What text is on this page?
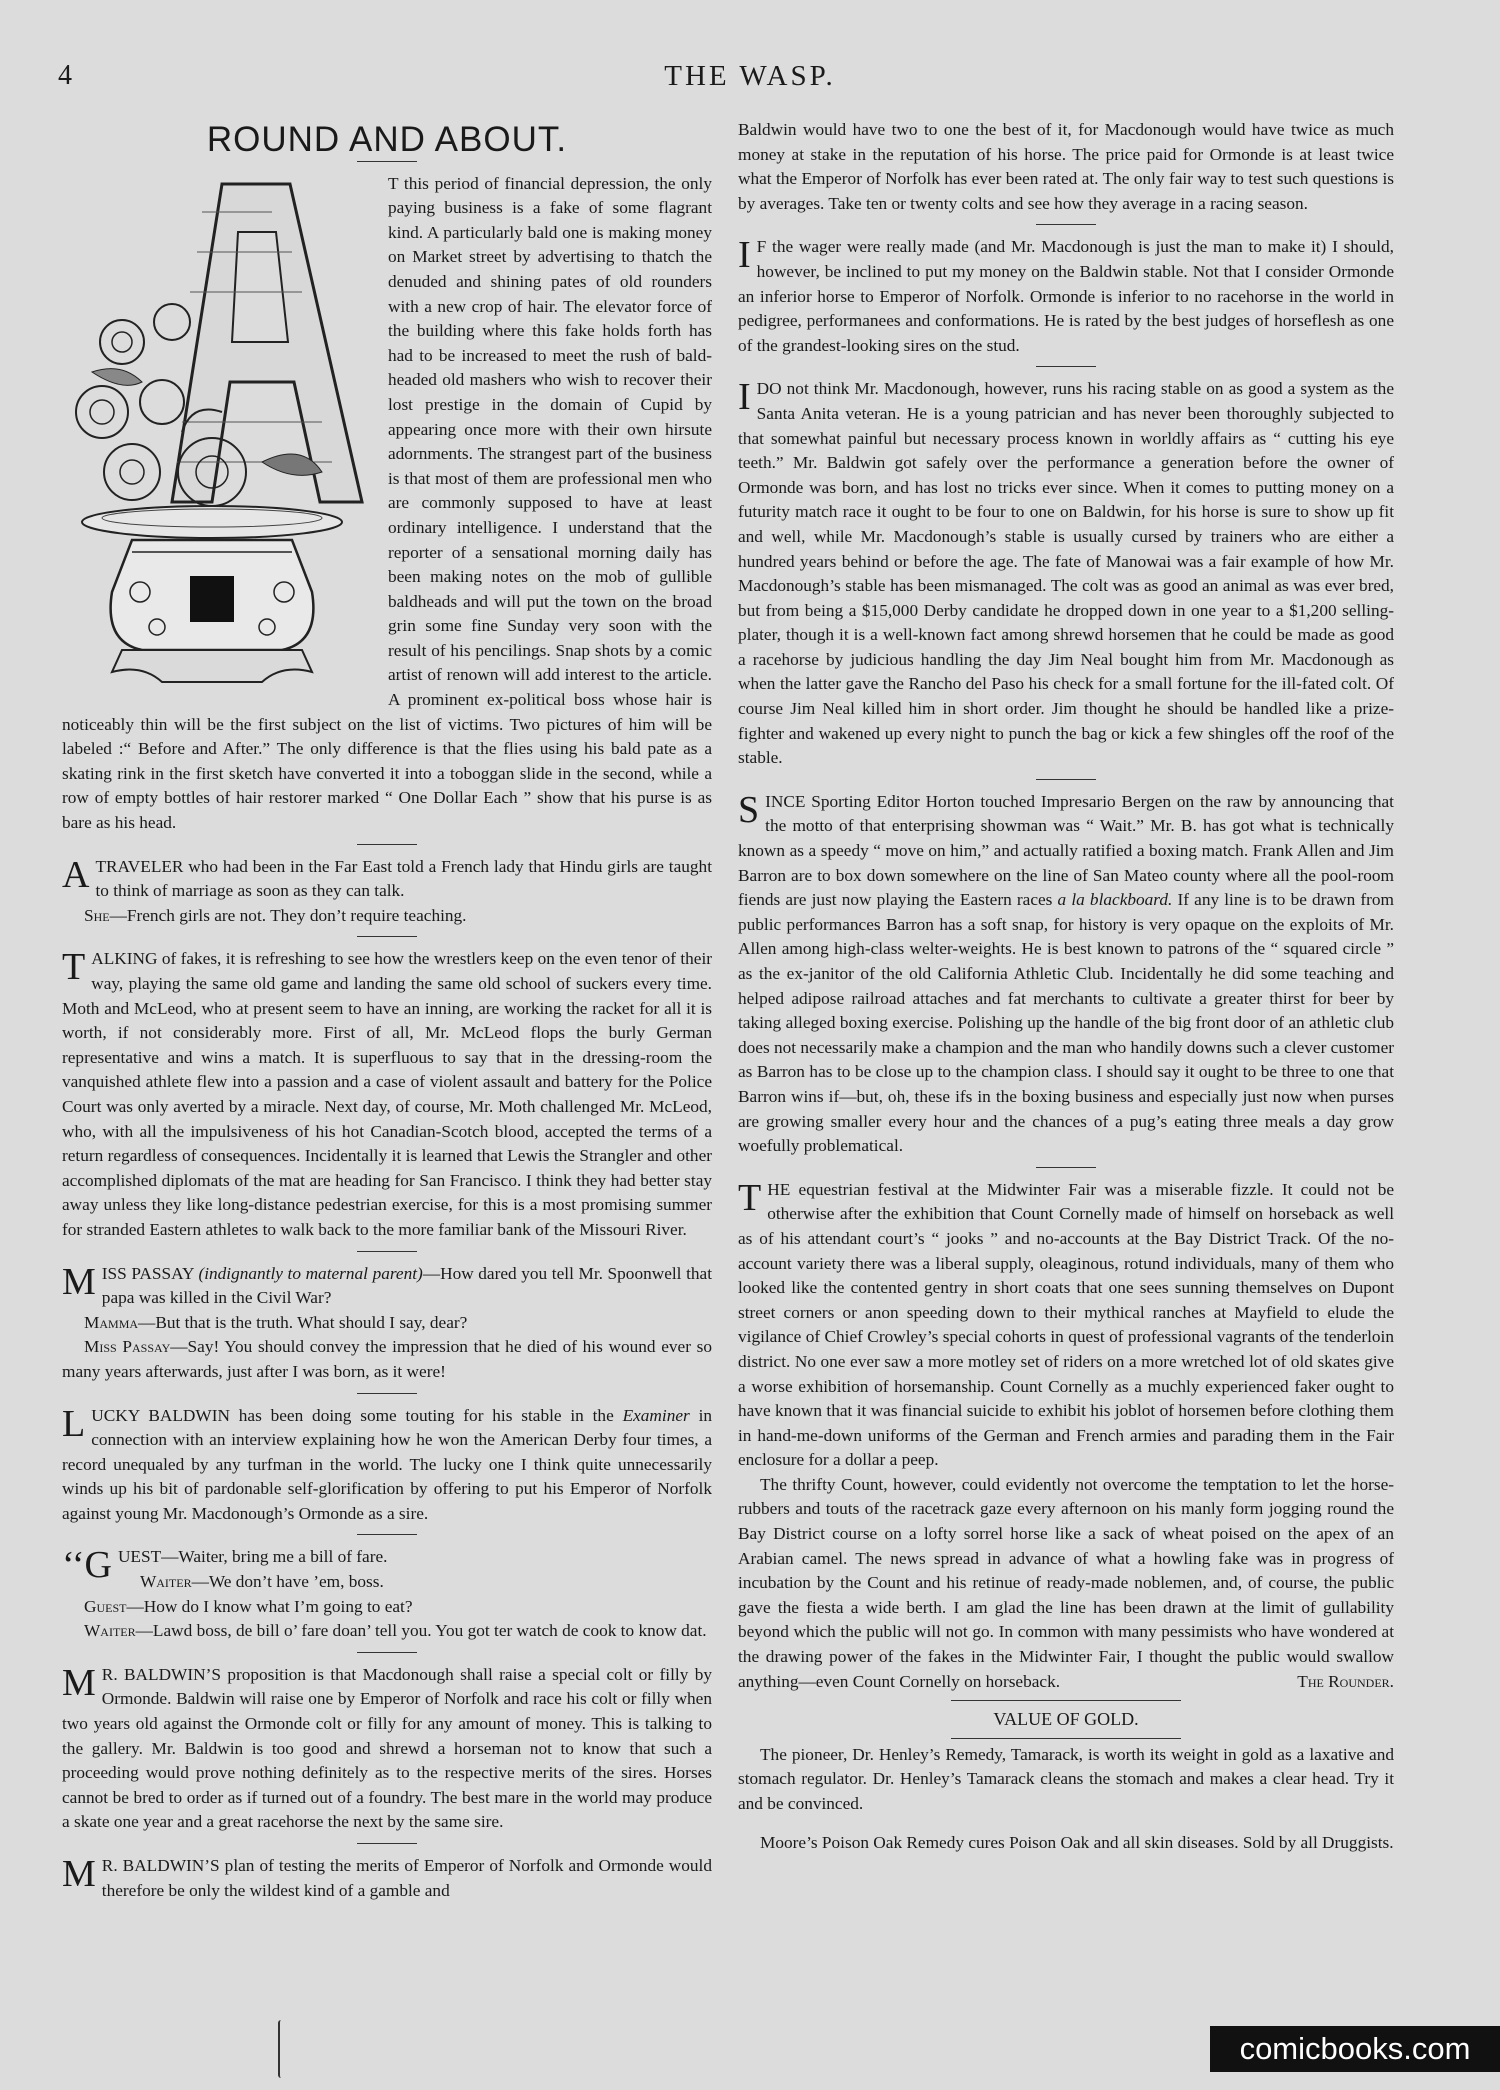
4	THE WASP.
ROUND AND ABOUT.

T this period of financial depression, the only paying business is a fake of some flagrant kind. A particularly bald one is making money on Market street by advertising to thatch the denuded and shining pates of old rounders with a new crop of hair. The elevator force of the building where this fake holds forth has had to be increased to meet the rush of bald-headed old mashers who wish to recover their lost prestige in the domain of Cupid by appearing once more with their own hirsute adornments. The strangest part of the business is that most of them are professional men who are commonly supposed to have at least ordinary intelligence. I understand that the reporter of a sensational morning daily has been making notes on the mob of gullible baldheads and will put the town on the broad grin some fine Sunday very soon with the result of his pencilings. Snap shots by a comic artist of renown will add interest to the article. A prominent ex-political boss whose hair is noticeably thin will be the first subject on the list of victims. Two pictures of him will be labeled :“ Before and After.” The only difference is that the flies using his bald pate as a skating rink in the first sketch have converted it into a toboggan slide in the second, while a row of empty bottles of hair restorer marked “ One Dollar Each ” show that his purse is as bare as his head.

A TRAVELER who had been in the Far East told a French lady that Hindu girls are taught to think of marriage as soon as they can talk.
She—French girls are not. They don’t require teaching.
T ALKING of fakes, it is refreshing to see how the wrestlers keep on the even tenor of their way, playing the same old game and landing the same old school of suckers every time. Moth and McLeod, who at present seem to have an inning, are working the racket for all it is worth, if not considerably more. First of all, Mr. McLeod flops the burly German representative and wins a match. It is superfluous to say that in the dressing-room the vanquished athlete flew into a passion and a case of violent assault and battery for the Police Court was only averted by a miracle. Next day, of course, Mr. Moth challenged Mr. McLeod, who, with all the impulsiveness of his hot Canadian-Scotch blood, accepted the terms of a return regardless of consequences. Incidentally it is learned that Lewis the Strangler and other accomplished diplomats of the mat are heading for San Francisco. I think they had better stay away unless they like long-distance pedestrian exercise, for this is a most promising summer for stranded Eastern athletes to walk back to the more familiar bank of the Missouri River.
M ISS PASSAY (indignantly to maternal parent)—How dared you tell Mr. Spoonwell that papa was killed in the Civil War?
Mamma—But that is the truth. What should I say, dear?
Miss Passay—Say! You should convey the impression that he died of his wound ever so many years afterwards, just after I was born, as it were!
L UCKY BALDWIN has been doing some touting for his stable in the Examiner in connection with an interview explaining how he won the American Derby four times, a record unequaled by any turfman in the world. The lucky one I think quite unnecessarily winds up his bit of pardonable self-glorification by offering to put his Emperor of Norfolk against young Mr. Macdonough’s Ormonde as a sire.
‘‘G UEST—Waiter, bring me a bill of fare.
Waiter—We don’t have ’em, boss.
Guest—How do I know what I’m going to eat?
Waiter—Lawd boss, de bill o’ fare doan’ tell you. You got ter watch de cook to know dat.
M R. BALDWIN’S proposition is that Macdonough shall raise a special colt or filly by Ormonde. Baldwin will raise one by Emperor of Norfolk and race his colt or filly when two years old against the Ormonde colt or filly for any amount of money. This is talking to the gallery. Mr. Baldwin is too good and shrewd a horseman not to know that such a proceeding would prove nothing definitely as to the respective merits of the sires. Horses cannot be bred to order as if turned out of a foundry. The best mare in the world may produce a skate one year and a great racehorse the next by the same sire.
M R. BALDWIN’S plan of testing the merits of Emperor of Norfolk and Ormonde would therefore be only the wildest kind of a gamble and

Baldwin would have two to one the best of it, for Macdonough would have twice as much money at stake in the reputation of his horse. The price paid for Ormonde is at least twice what the Emperor of Norfolk has ever been rated at. The only fair way to test such questions is by averages. Take ten or twenty colts and see how they average in a racing season.

I F the wager were really made (and Mr. Macdonough is just the man to make it) I should, however, be inclined to put my money on the Baldwin stable. Not that I consider Ormonde an inferior horse to Emperor of Norfolk. Ormonde is inferior to no racehorse in the world in pedigree, performanees and conformations. He is rated by the best judges of horseflesh as one of the grandest-looking sires on the stud.
I DO not think Mr. Macdonough, however, runs his racing stable on as good a system as the Santa Anita veteran. He is a young patrician and has never been thoroughly subjected to that somewhat painful but necessary process known in worldly affairs as “ cutting his eye teeth.” Mr. Baldwin got safely over the performance a generation before the owner of Ormonde was born, and has lost no tricks ever since. When it comes to putting money on a futurity match race it ought to be four to one on Baldwin, for his horse is sure to show up fit and well, while Mr. Macdonough’s stable is usually cursed by trainers who are either a hundred years behind or before the age. The fate of Manowai was a fair example of how Mr. Macdonough’s stable has been mismanaged. The colt was as good an animal as was ever bred, but from being a $15,000 Derby candidate he dropped down in one year to a $1,200 selling-plater, though it is a well-known fact among shrewd horsemen that he could be made as good a racehorse by judicious handling the day Jim Neal bought him from Mr. Macdonough as when the latter gave the Rancho del Paso his check for a small fortune for the ill-fated colt. Of course Jim Neal killed him in short order. Jim thought he should be handled like a prize-fighter and wakened up every night to punch the bag or kick a few shingles off the roof of the stable.
S INCE Sporting Editor Horton touched Impresario Bergen on the raw by announcing that the motto of that enterprising showman was “ Wait.” Mr. B. has got what is technically known as a speedy “ move on him,” and actually ratified a boxing match. Frank Allen and Jim Barron are to box down somewhere on the line of San Mateo county where all the pool-room fiends are just now playing the Eastern races a la blackboard. If any line is to be drawn from public performances Barron has a soft snap, for history is very opaque on the exploits of Mr. Allen among high-class welter-weights. He is best known to patrons of the “ squared circle ” as the ex-janitor of the old California Athletic Club. Incidentally he did some teaching and helped adipose railroad attaches and fat merchants to cultivate a greater thirst for beer by taking alleged boxing exercise. Polishing up the handle of the big front door of an athletic club does not necessarily make a champion and the man who handily downs such a clever customer as Barron has to be close up to the champion class. I should say it ought to be three to one that Barron wins if—but, oh, these ifs in the boxing business and especially just now when purses are growing smaller every hour and the chances of a pug’s eating three meals a day grow woefully problematical.
T HE equestrian festival at the Midwinter Fair was a miserable fizzle. It could not be otherwise after the exhibition that Count Cornelly made of himself on horseback as well as of his attendant court’s “ jooks ” and no-accounts at the Bay District Track. Of the no-account variety there was a liberal supply, oleaginous, rotund individuals, many of them who looked like the contented gentry in short coats that one sees sunning themselves on Dupont street corners or anon speeding down to their mythical ranches at Mayfield to elude the vigilance of Chief Crowley’s special cohorts in quest of professional vagrants of the tenderloin district. No one ever saw a more motley set of riders on a more wretched lot of old skates give a worse exhibition of horsemanship. Count Cornelly as a muchly experienced faker ought to have known that it was financial suicide to exhibit his joblot of horsemen before clothing them in hand-me-down uniforms of the German and French armies and parading them in the Fair enclosure for a dollar a peep.

The thrifty Count, however, could evidently not overcome the temptation to let the horse-rubbers and touts of the racetrack gaze every afternoon on his manly form jogging round the Bay District course on a lofty sorrel horse like a sack of wheat poised on the apex of an Arabian camel. The news spread in advance of what a howling fake was in progress of incubation by the Count and his retinue of ready-made noblemen, and, of course, the public gave the fiesta a wide berth. I am glad the line has been drawn at the limit of gullability beyond which the public will not go. In common with many pessimists who have wondered at the drawing power of the fakes in the Midwinter Fair, I thought the public would swallow anything—even Count Cornelly on horseback.	The Rounder.

VALUE OF GOLD.

The pioneer, Dr. Henley’s Remedy, Tamarack, is worth its weight in gold as a laxative and stomach regulator. Dr. Henley’s Tamarack cleans the stomach and makes a clear head. Try it and be convinced.

Moore’s Poison Oak Remedy cures Poison Oak and all skin diseases. Sold by all Druggists.

comicbooks.com
